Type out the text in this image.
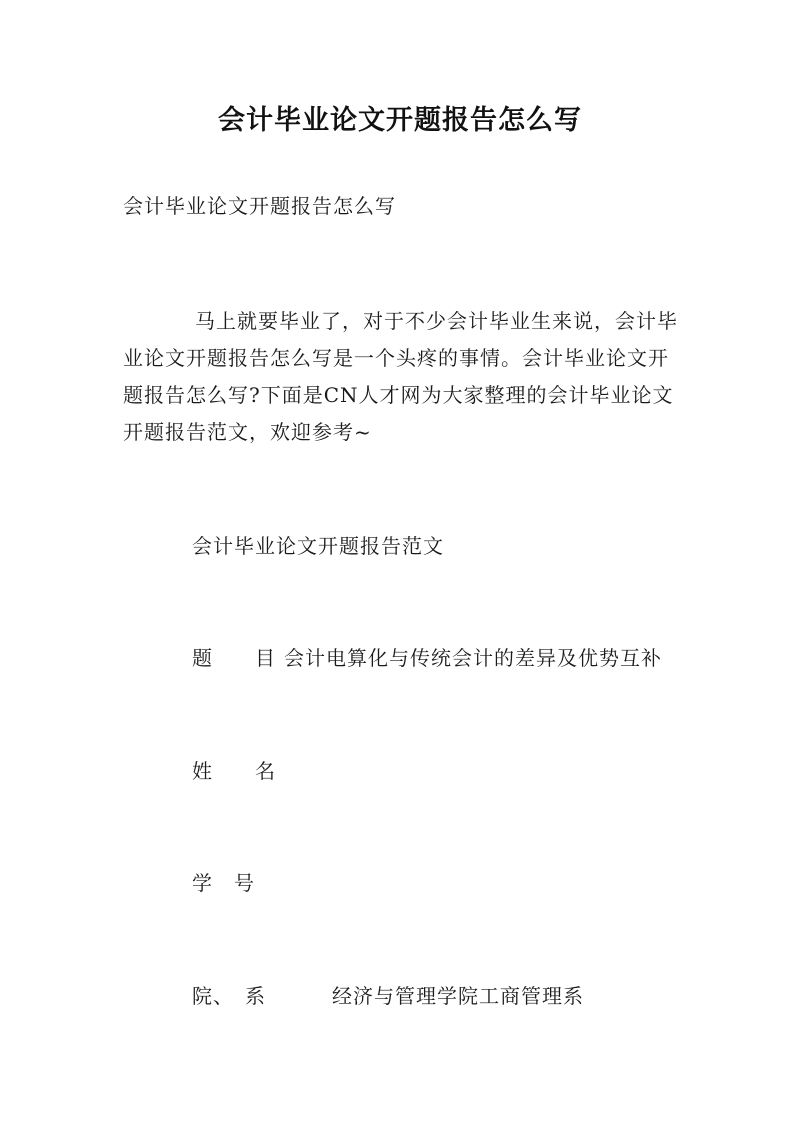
会计毕业论文开题报告怎么写
会计毕业论文开题报告怎么写

马上就要毕业了，对于不少会计毕业生来说，会计毕业论文开题报告怎么写是一个头疼的事情。会计毕业论文开题报告怎么写?下面是CN人才网为大家整理的会计毕业论文开题报告范文，欢迎参考~

会计毕业论文开题报告范文
题　　目 会计电算化与传统会计的差异及优势互补
姓　　名
学　号
院、　系	经济与管理学院工商管理系
